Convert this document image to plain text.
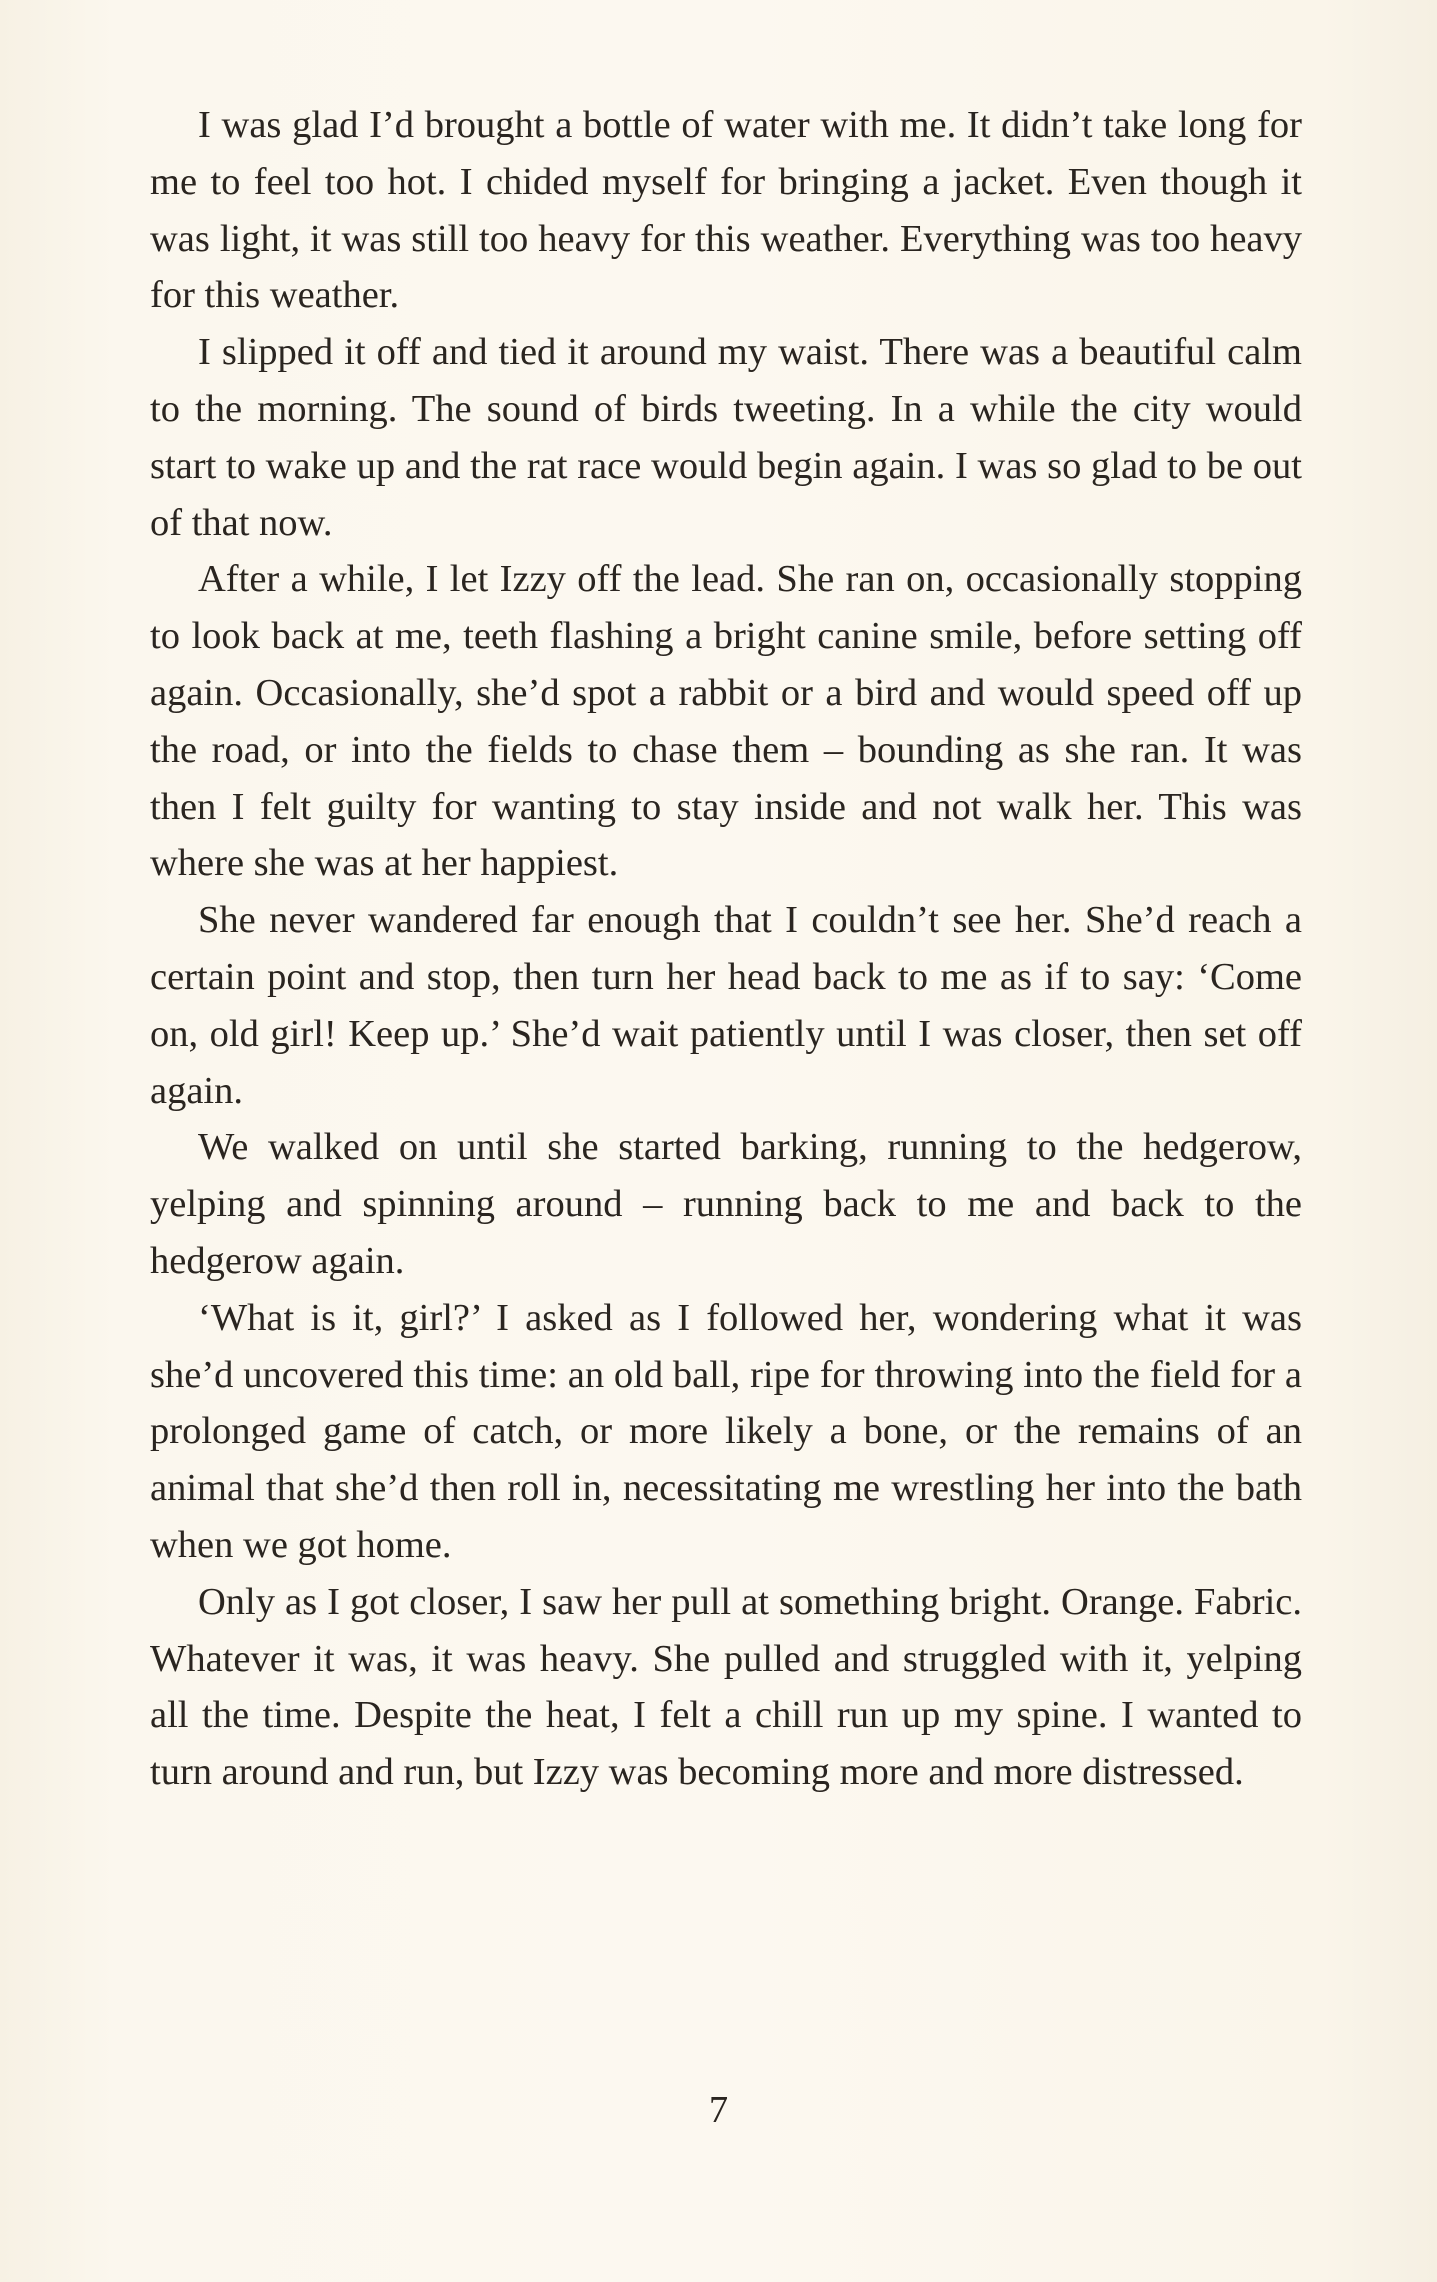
I was glad I’d brought a bottle of water with me. It didn’t take long for me to feel too hot. I chided myself for bringing a jacket. Even though it was light, it was still too heavy for this weather. Everything was too heavy for this weather.

I slipped it off and tied it around my waist. There was a beautiful calm to the morning. The sound of birds tweeting. In a while the city would start to wake up and the rat race would begin again. I was so glad to be out of that now.

After a while, I let Izzy off the lead. She ran on, occasionally stopping to look back at me, teeth flashing a bright canine smile, before setting off again. Occasionally, she’d spot a rabbit or a bird and would speed off up the road, or into the fields to chase them – bounding as she ran. It was then I felt guilty for wanting to stay inside and not walk her. This was where she was at her happiest.

She never wandered far enough that I couldn’t see her. She’d reach a certain point and stop, then turn her head back to me as if to say: ‘Come on, old girl! Keep up.’ She’d wait patiently until I was closer, then set off again.

We walked on until she started barking, running to the hedgerow, yelping and spinning around – running back to me and back to the hedgerow again.

‘What is it, girl?’ I asked as I followed her, wondering what it was she’d uncovered this time: an old ball, ripe for throwing into the field for a prolonged game of catch, or more likely a bone, or the remains of an animal that she’d then roll in, necessitating me wrestling her into the bath when we got home.

Only as I got closer, I saw her pull at something bright. Orange. Fabric. Whatever it was, it was heavy. She pulled and struggled with it, yelping all the time. Despite the heat, I felt a chill run up my spine. I wanted to turn around and run, but Izzy was becoming more and more distressed.

7
